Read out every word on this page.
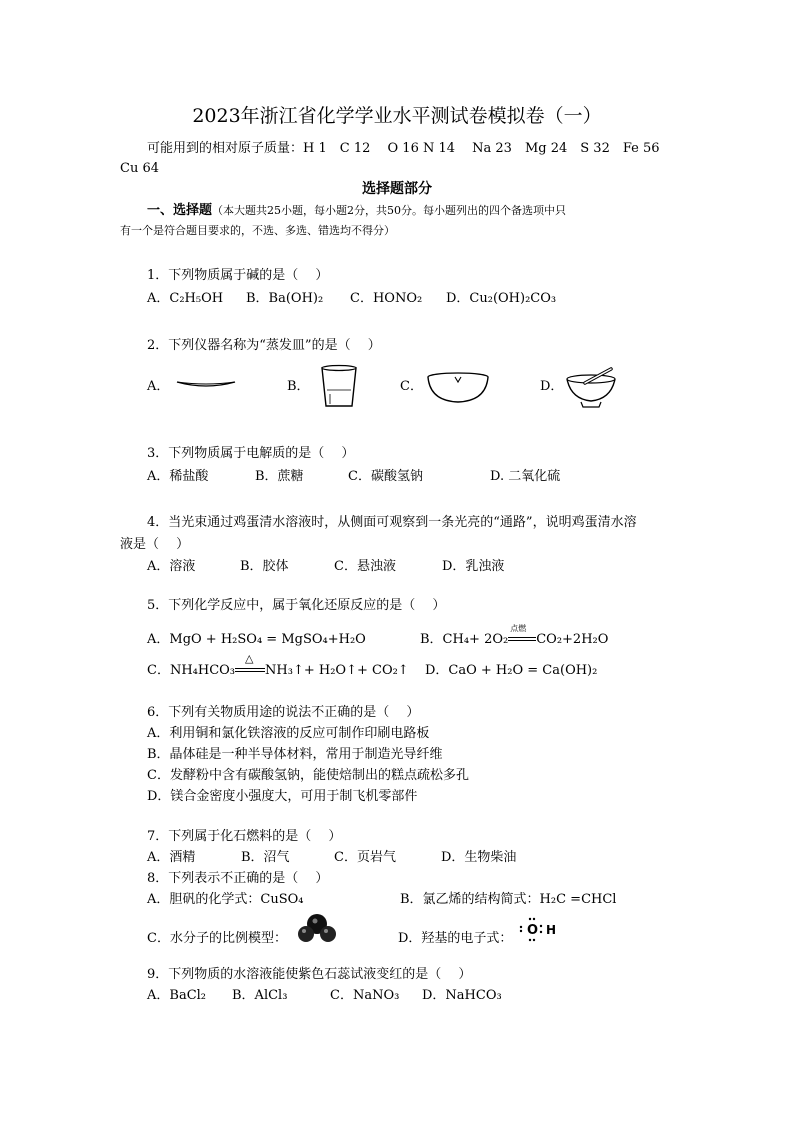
2023年浙江省化学学业水平测试卷模拟卷（一）
可能用到的相对原子质量：H 1　C 12　 O 16 N 14　 Na 23　Mg 24　S 32　Fe 56
Cu 64
选择题部分
一、选择题（本大题共25小题，每小题2分，共50分。每小题列出的四个备选项中只
有一个是符合题目要求的，不选、多选、错选均不得分）
1．下列物质属于碱的是（　 ）
A．C₂H₅OH B．Ba(OH)₂ C．HONO₂ D．Cu₂(OH)₂CO₃
2．下列仪器名称为“蒸发皿”的是（　 ）
A．	B．	C．	D．
3．下列物质属于电解质的是（　 ）
A．稀盐酸	B．蔗糖	C．碳酸氢钠	D. 二氧化硫
4．当光束通过鸡蛋清水溶液时，从侧面可观察到一条光亮的“通路”，说明鸡蛋清水溶
液是（　 ）
A．溶液	B．胶体	C．悬浊液	D．乳浊液
5．下列化学反应中，属于氧化还原反应的是（　 ）
A．MgO + H₂SO₄ = MgSO₄+H₂O	B．CH₄+ 2O₂
点燃
CO₂+2H₂O
C．NH₄HCO₃
△
NH₃↑+ H₂O↑+ CO₂↑ D．CaO + H₂O = Ca(OH)₂
6．下列有关物质用途的说法不正确的是（　 ）
A．利用铜和氯化铁溶液的反应可制作印刷电路板
B．晶体硅是一种半导体材料，常用于制造光导纤维
C．发酵粉中含有碳酸氢钠，能使焙制出的糕点疏松多孔
D．镁合金密度小强度大，可用于制飞机零部件
7．下列属于化石燃料的是（　 ）
A．酒精	B．沼气	C．页岩气	D．生物柴油
8．下列表示不正确的是（　 ）
A．胆矾的化学式：CuSO₄	B．氯乙烯的结构简式：H₂C =CHCl
C．水分子的比例模型：	D．羟基的电子式：
O H
9．下列物质的水溶液能使紫色石蕊试液变红的是（　 ）
A．BaCl₂ B．AlCl₃	C．NaNO₃ D．NaHCO₃
